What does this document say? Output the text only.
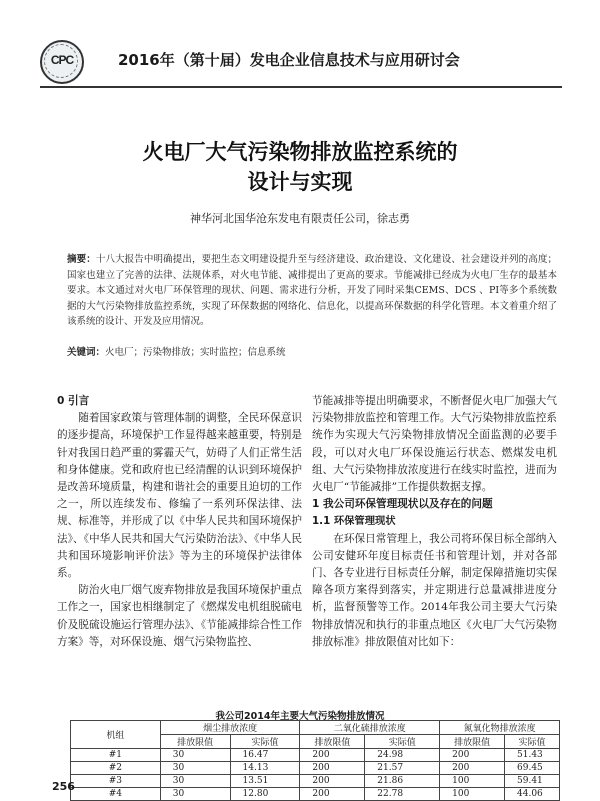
CPC	2016年（第十届）发电企业信息技术与应用研讨会
火电厂大气污染物排放监控系统的
设计与实现
神华河北国华沧东发电有限责任公司，徐志勇
摘要：十八大报告中明确提出，要把生态文明建设提升至与经济建设、政治建设、文化建设、社会建设并列的高度；国家也建立了完善的法律、法规体系，对火电节能、减排提出了更高的要求。节能减排已经成为火电厂生存的最基本要求。本文通过对火电厂环保管理的现状、问题、需求进行分析，开发了同时采集CEMS、DCS 、PI等多个系统数据的大气污染物排放监控系统，实现了环保数据的网络化、信息化，以提高环保数据的科学化管理。本文着重介绍了该系统的设计、开发及应用情况。
关键词：火电厂；污染物排放；实时监控；信息系统
0 引言

随着国家政策与管理体制的调整，全民环保意识的逐步提高，环境保护工作显得越来越重要，特别是针对我国日趋严重的雾霾天气，妨碍了人们正常生活和身体健康。党和政府也已经清醒的认识到环境保护是改善环境质量，构建和谐社会的重要且迫切的工作之一，所以连续发布、修编了一系列环保法律、法规、标准等，并形成了以《中华人民共和国环境保护法》、《中华人民共和国大气污染防治法》、《中华人民共和国环境影响评价法》等为主的环境保护法律体系。

防治火电厂烟气废弃物排放是我国环境保护重点工作之一，国家也相继制定了《燃煤发电机组脱硫电价及脱硫设施运行管理办法》、《节能减排综合性工作方案》等，对环保设施、烟气污染物监控、

节能减排等提出明确要求，不断督促火电厂加强大气污染物排放监控和管理工作。大气污染物排放监控系统作为实现大气污染物排放情况全面监测的必要手段，可以对火电厂环保设施运行状态、燃煤发电机组、大气污染物排放浓度进行在线实时监控，进而为火电厂“节能减排”工作提供数据支撑。

1 我公司环保管理现状以及存在的问题
1.1 环保管理现状

在环保日常管理上，我公司将环保目标全部纳入公司安健环年度目标责任书和管理计划，并对各部门、各专业进行目标责任分解，制定保障措施切实保障各项方案得到落实，并定期进行总量减排进度分析，监督预警等工作。2014年我公司主要大气污染物排放情况和执行的非重点地区《火电厂大气污染物排放标准》排放限值对比如下：

我公司2014年主要大气污染物排放情况
机组	烟尘排放浓度		二氧化硫排放浓度		氮氧化物排放浓度	
	排放限值	实际值	排放限值	实际值	排放限值	实际值
#1	30	16.47	200	24.98	200	51.43
#2	30	14.13	200	21.57	200	69.45
#3	30	13.51	200	21.86	100	59.41
#4	30	12.80	200	22.78	100	44.06
256
